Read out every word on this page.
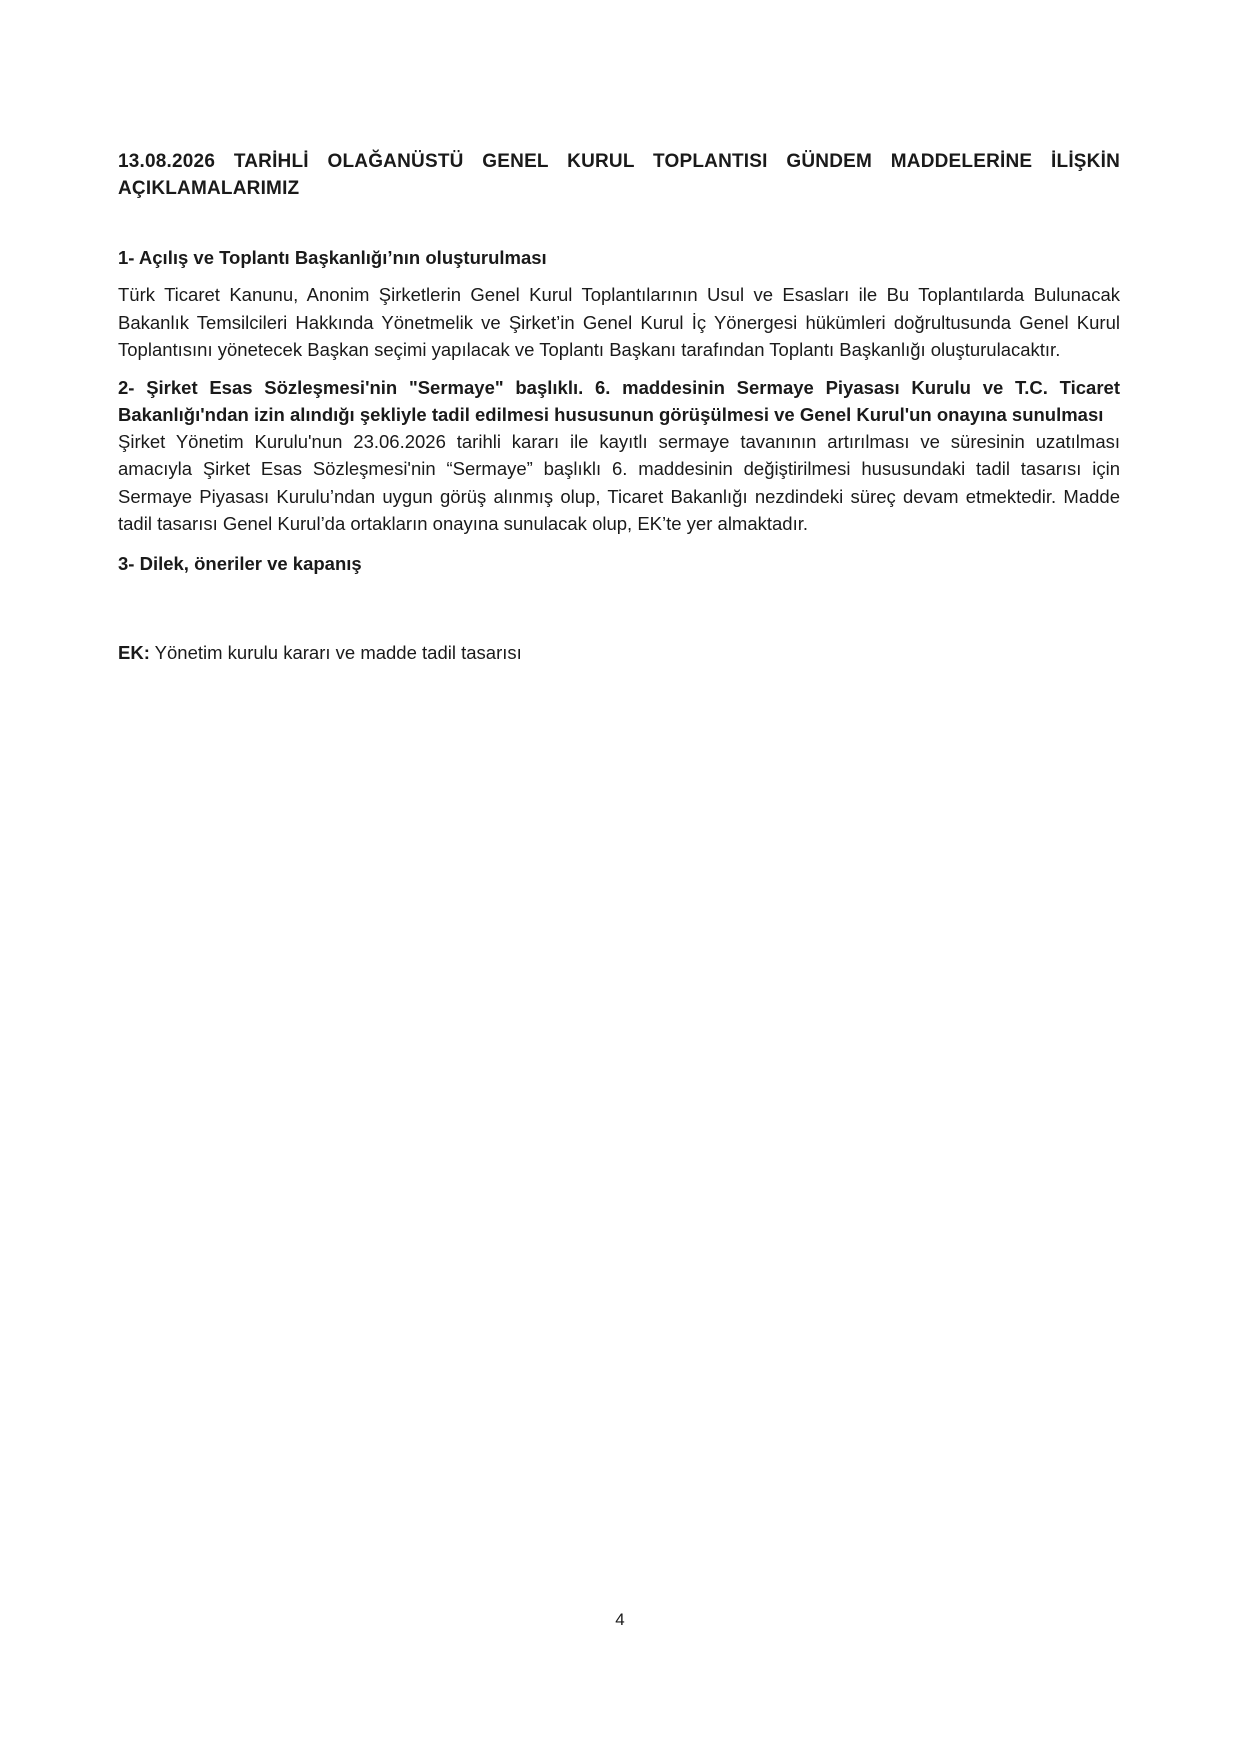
13.08.2026 TARİHLİ OLAĞANÜSTÜ GENEL KURUL TOPLANTISI GÜNDEM MADDELERİNE İLİŞKİN AÇIKLAMALARIMIZ

1- Açılış ve Toplantı Başkanlığı’nın oluşturulması

Türk Ticaret Kanunu, Anonim Şirketlerin Genel Kurul Toplantılarının Usul ve Esasları ile Bu Toplantılarda Bulunacak Bakanlık Temsilcileri Hakkında Yönetmelik ve Şirket’in Genel Kurul İç Yönergesi hükümleri doğrultusunda Genel Kurul Toplantısını yönetecek Başkan seçimi yapılacak ve Toplantı Başkanı tarafından Toplantı Başkanlığı oluşturulacaktır.

2- Şirket Esas Sözleşmesi'nin "Sermaye" başlıklı. 6. maddesinin Sermaye Piyasası Kurulu ve T.C. Ticaret Bakanlığı'ndan izin alındığı şekliyle tadil edilmesi hususunun görüşülmesi ve Genel Kurul'un onayına sunulması

Şirket Yönetim Kurulu'nun 23.06.2026 tarihli kararı ile kayıtlı sermaye tavanının artırılması ve süresinin uzatılması amacıyla Şirket Esas Sözleşmesi'nin “Sermaye” başlıklı 6. maddesinin değiştirilmesi hususundaki tadil tasarısı için Sermaye Piyasası Kurulu’ndan uygun görüş alınmış olup, Ticaret Bakanlığı nezdindeki süreç devam etmektedir. Madde tadil tasarısı Genel Kurul’da ortakların onayına sunulacak olup, EK’te yer almaktadır.

3- Dilek, öneriler ve kapanış

EK: Yönetim kurulu kararı ve madde tadil tasarısı

4
